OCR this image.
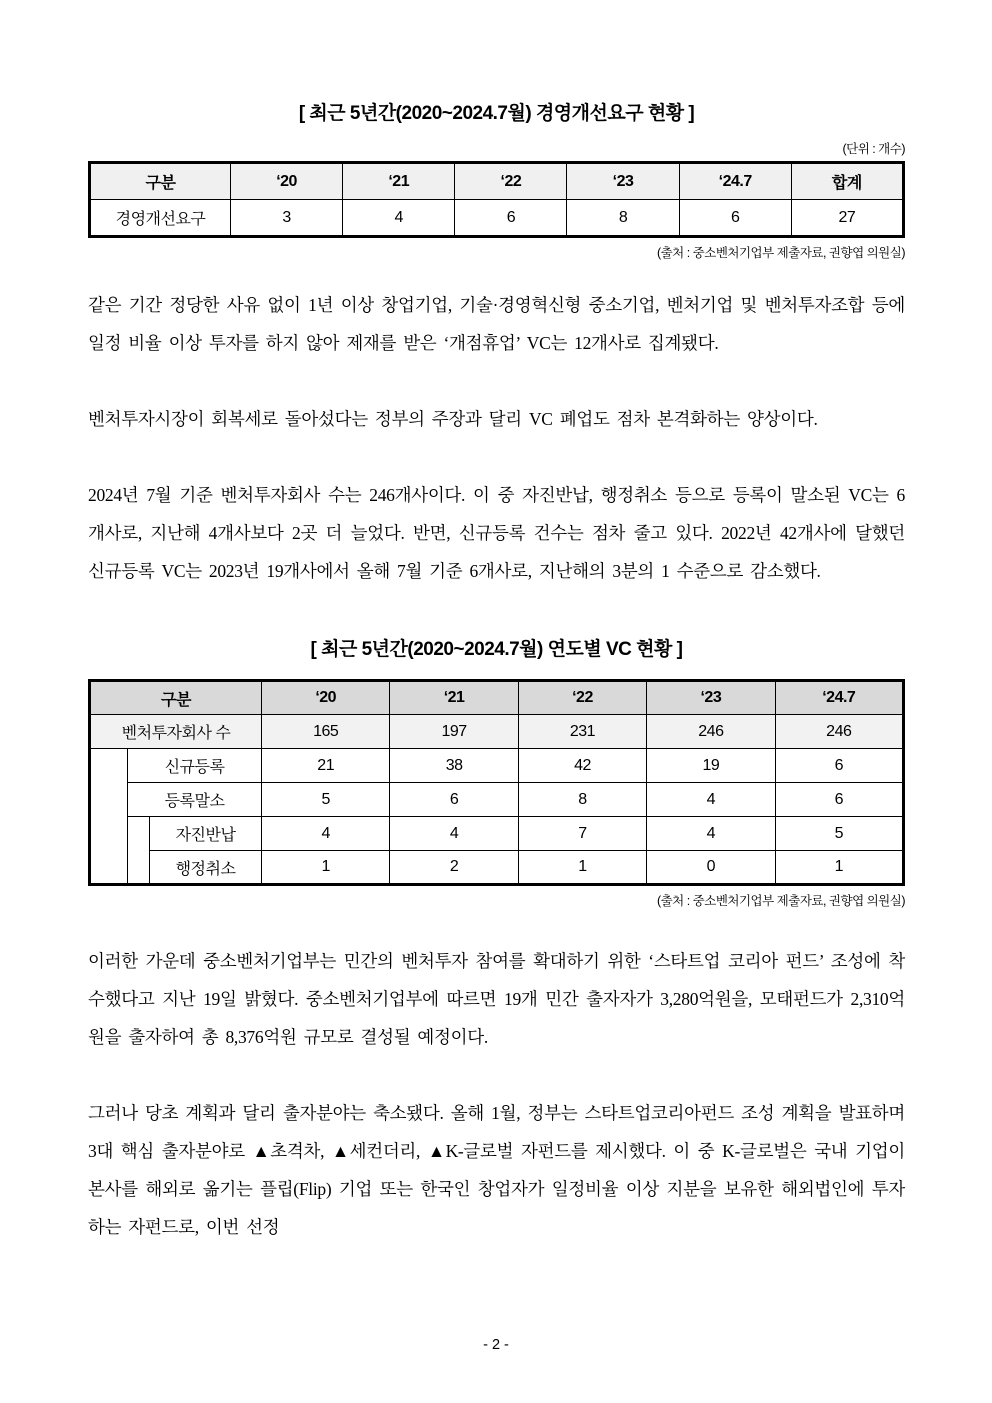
[ 최근 5년간(2020~2024.7월) 경영개선요구 현황 ]
(단위 : 개수)
구분	‘20	‘21	‘22	‘23	‘24.7	합계
경영개선요구	3	4	6	8	6	27
(출처 : 중소벤처기업부 제출자료, 권향엽 의원실)

같은 기간 정당한 사유 없이 1년 이상 창업기업, 기술·경영혁신형 중소기업, 벤처기업 및 벤처투자조합 등에 일정 비율 이상 투자를 하지 않아 제재를 받은 ‘개점휴업’ VC는 12개사로 집계됐다.

벤처투자시장이 회복세로 돌아섰다는 정부의 주장과 달리 VC 폐업도 점차 본격화하는 양상이다.

2024년 7월 기준 벤처투자회사 수는 246개사이다. 이 중 자진반납, 행정취소 등으로 등록이 말소된 VC는 6개사로, 지난해 4개사보다 2곳 더 늘었다. 반면, 신규등록 건수는 점차 줄고 있다. 2022년 42개사에 달했던 신규등록 VC는 2023년 19개사에서 올해 7월 기준 6개사로, 지난해의 3분의 1 수준으로 감소했다.

[ 최근 5년간(2020~2024.7월) 연도별 VC 현황 ]
구분			‘20	‘21	‘22	‘23	‘24.7
벤처투자회사 수			165	197	231	246	246
	신규등록		21	38	42	19	6
	등록말소		5	6	8	4	6
		자진반납	4	4	7	4	5
		행정취소	1	2	1	0	1
(출처 : 중소벤처기업부 제출자료, 권향엽 의원실)

이러한 가운데 중소벤처기업부는 민간의 벤처투자 참여를 확대하기 위한 ‘스타트업 코리아 펀드’ 조성에 착수했다고 지난 19일 밝혔다. 중소벤처기업부에 따르면 19개 민간 출자자가 3,280억원을, 모태펀드가 2,310억원을 출자하여 총 8,376억원 규모로 결성될 예정이다.

그러나 당초 계획과 달리 출자분야는 축소됐다. 올해 1월, 정부는 스타트업코리아펀드 조성 계획을 발표하며 3대 핵심 출자분야로 ▲초격차, ▲세컨더리, ▲K-글로벌 자펀드를 제시했다. 이 중 K-글로벌은 국내 기업이 본사를 해외로 옮기는 플립(Flip) 기업 또는 한국인 창업자가 일정비율 이상 지분을 보유한 해외법인에 투자하는 자펀드로, 이번 선정

- 2 -
